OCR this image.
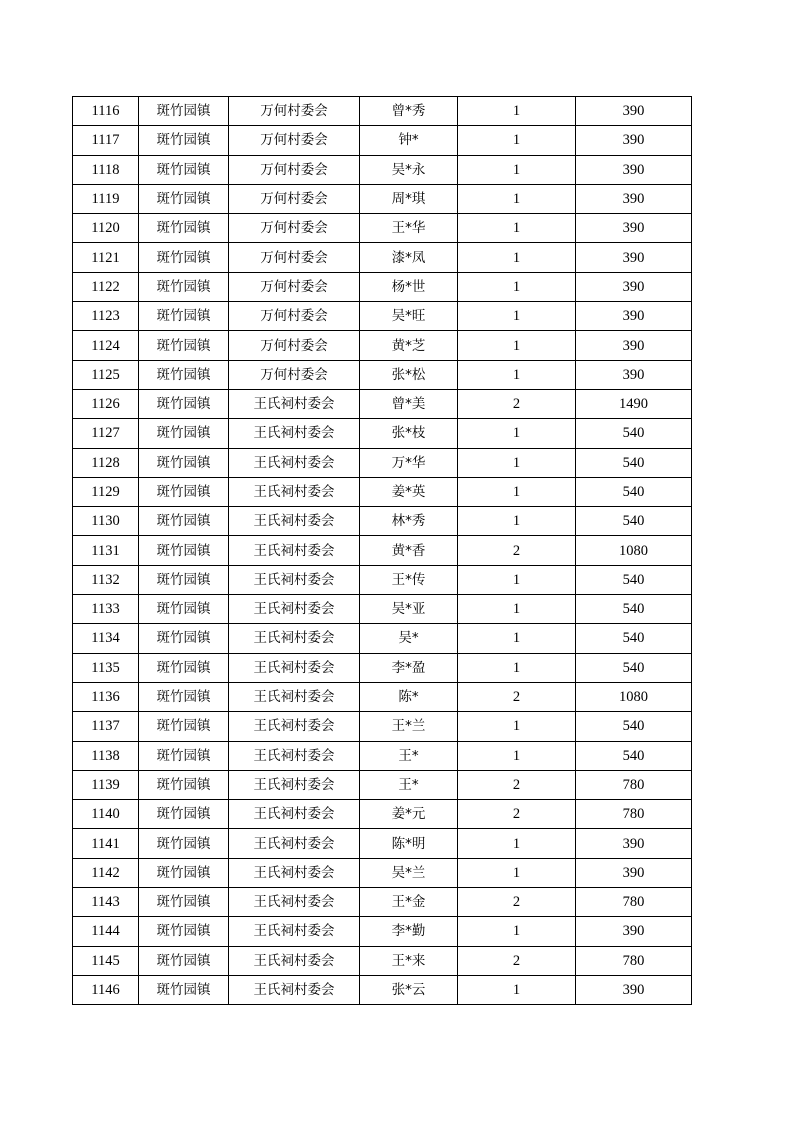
1116	斑竹园镇	万何村委会	曾*秀	1	390
1117	斑竹园镇	万何村委会	钟*	1	390
1118	斑竹园镇	万何村委会	吴*永	1	390
1119	斑竹园镇	万何村委会	周*琪	1	390
1120	斑竹园镇	万何村委会	王*华	1	390
1121	斑竹园镇	万何村委会	漆*凤	1	390
1122	斑竹园镇	万何村委会	杨*世	1	390
1123	斑竹园镇	万何村委会	吴*旺	1	390
1124	斑竹园镇	万何村委会	黄*芝	1	390
1125	斑竹园镇	万何村委会	张*松	1	390
1126	斑竹园镇	王氏祠村委会	曾*美	2	1490
1127	斑竹园镇	王氏祠村委会	张*枝	1	540
1128	斑竹园镇	王氏祠村委会	万*华	1	540
1129	斑竹园镇	王氏祠村委会	姜*英	1	540
1130	斑竹园镇	王氏祠村委会	林*秀	1	540
1131	斑竹园镇	王氏祠村委会	黄*香	2	1080
1132	斑竹园镇	王氏祠村委会	王*传	1	540
1133	斑竹园镇	王氏祠村委会	吴*亚	1	540
1134	斑竹园镇	王氏祠村委会	吴*	1	540
1135	斑竹园镇	王氏祠村委会	李*盈	1	540
1136	斑竹园镇	王氏祠村委会	陈*	2	1080
1137	斑竹园镇	王氏祠村委会	王*兰	1	540
1138	斑竹园镇	王氏祠村委会	王*	1	540
1139	斑竹园镇	王氏祠村委会	王*	2	780
1140	斑竹园镇	王氏祠村委会	姜*元	2	780
1141	斑竹园镇	王氏祠村委会	陈*明	1	390
1142	斑竹园镇	王氏祠村委会	吴*兰	1	390
1143	斑竹园镇	王氏祠村委会	王*金	2	780
1144	斑竹园镇	王氏祠村委会	李*勤	1	390
1145	斑竹园镇	王氏祠村委会	王*来	2	780
1146	斑竹园镇	王氏祠村委会	张*云	1	390
